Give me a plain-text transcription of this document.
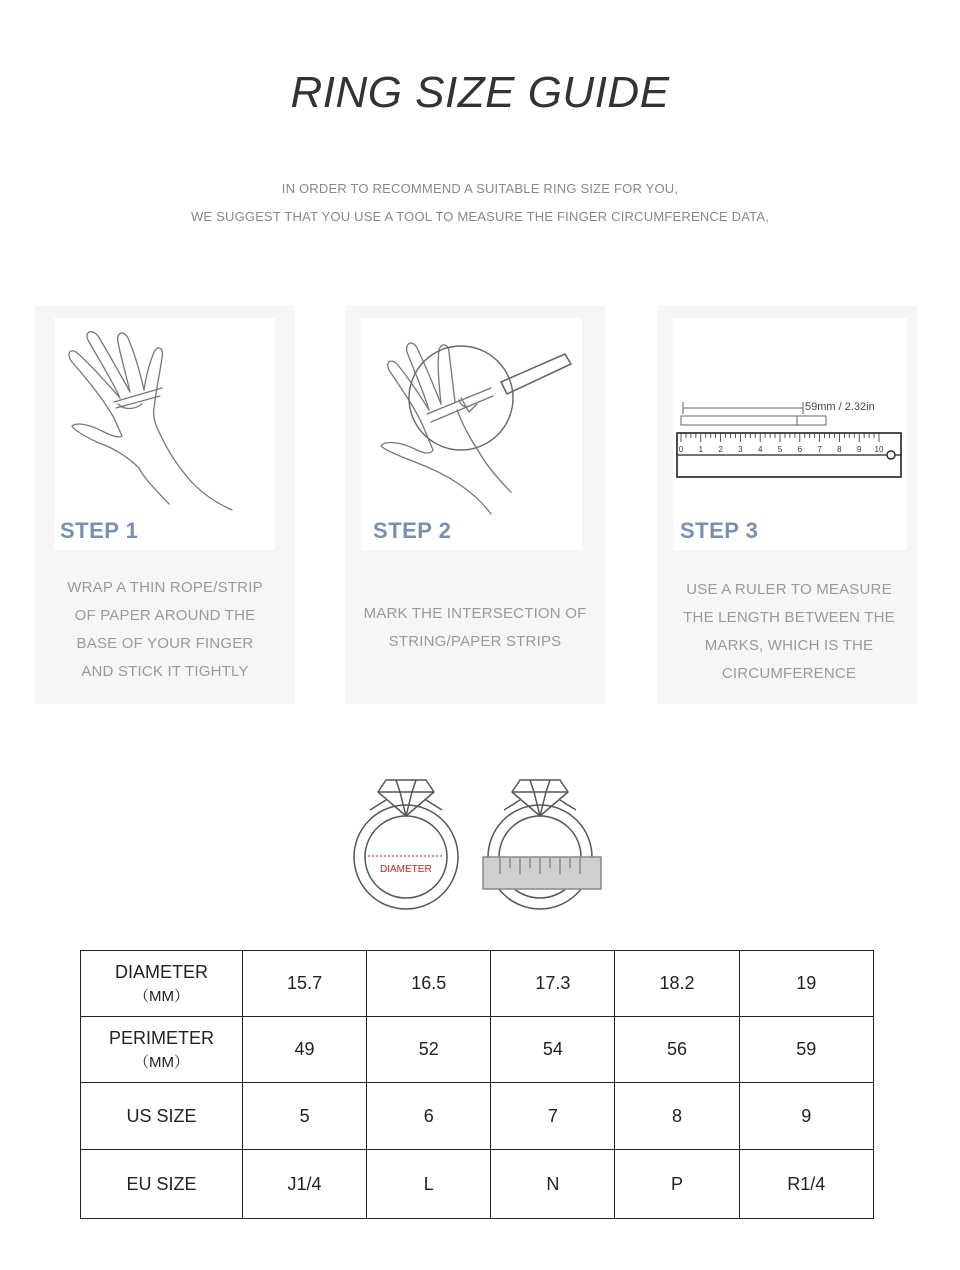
RING SIZE GUIDE
IN ORDER TO RECOMMEND A SUITABLE RING SIZE FOR YOU,
WE SUGGEST THAT YOU USE A TOOL TO MEASURE THE FINGER CIRCUMFERENCE DATA,
STEP 1
WRAP A THIN ROPE/STRIP
OF PAPER AROUND THE
BASE OF YOUR FINGER
AND STICK IT TIGHTLY
STEP 2
MARK THE INTERSECTION OF
STRING/PAPER STRIPS
0 1 2 3 4 5 6 7 8 9 10
59mm / 2.32in
STEP 3
USE A RULER TO MEASURE
THE LENGTH BETWEEN THE
MARKS, WHICH IS THE
CIRCUMFERENCE
DIAMETER
DIAMETER
（MM）	15.7	16.5	17.3	18.2	19
PERIMETER
（MM）	49	52	54	56	59
US SIZE	5	6	7	8	9
EU SIZE	J1/4	L	N	P	R1/4
